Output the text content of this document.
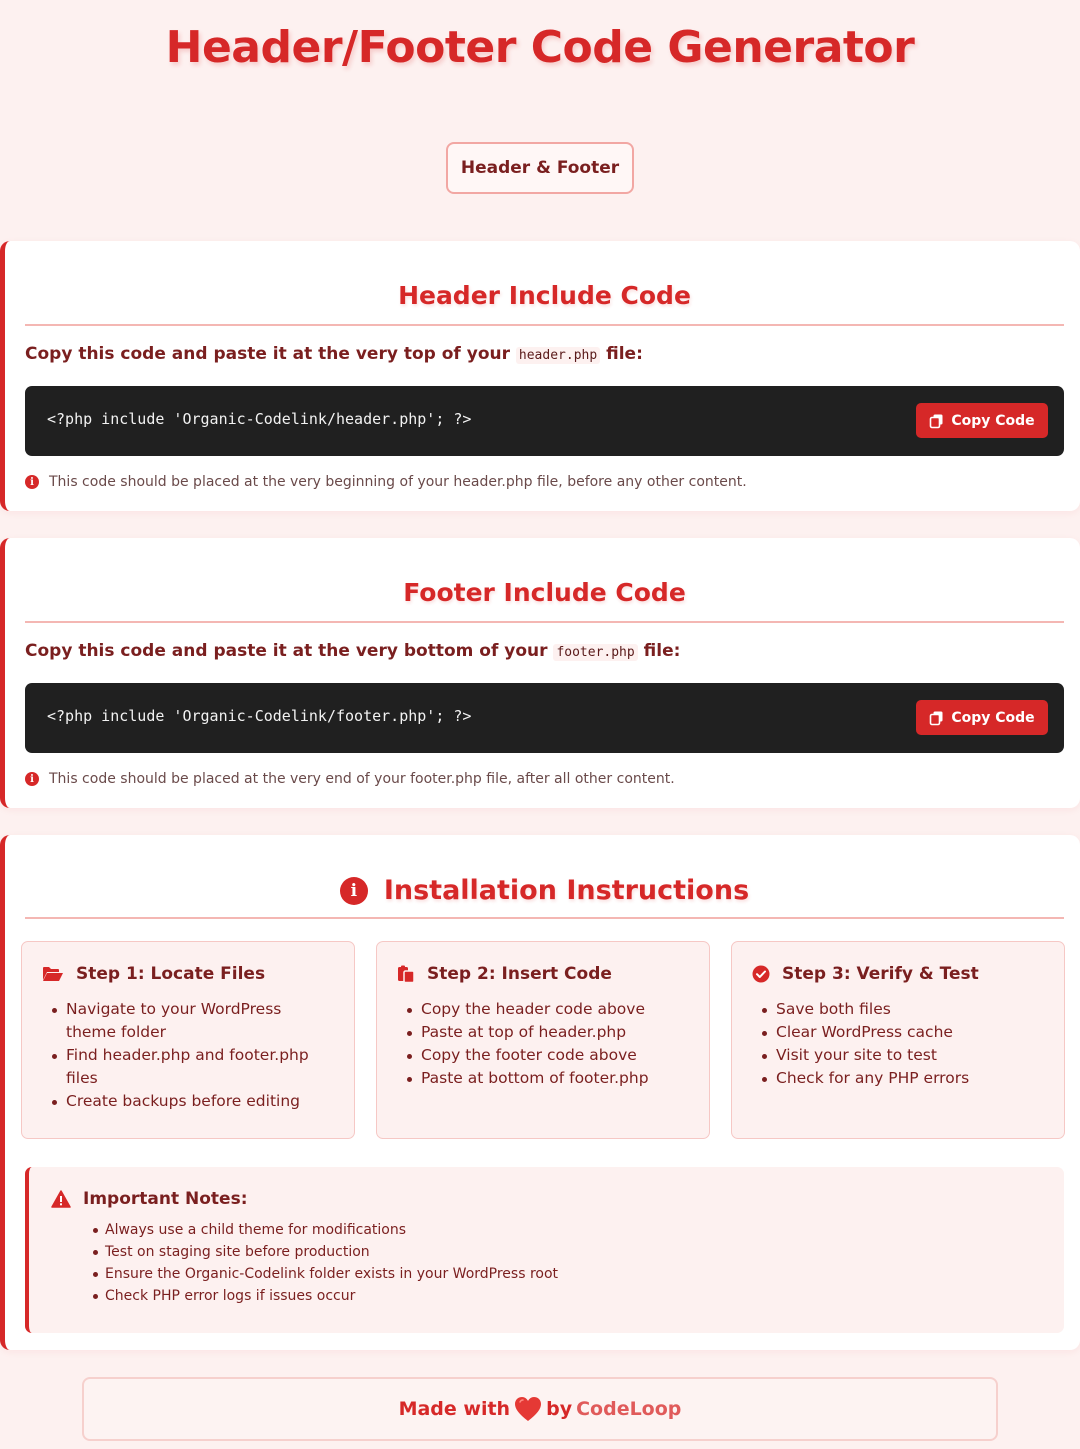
Header/Footer Code Generator
Header & Footer
Header Include Code

Copy this code and paste it at the very top of your header.php file:

<?php include 'Organic-Codelink/header.php'; ?>	Copy Code

i	This code should be placed at the very beginning of your header.php file, before any other content.

Footer Include Code

Copy this code and paste it at the very bottom of your footer.php file:

<?php include 'Organic-Codelink/footer.php'; ?>	Copy Code

i	This code should be placed at the very end of your footer.php file, after all other content.

i Installation Instructions
Step 1: Locate Files
Navigate to your WordPress theme folder
Find header.php and footer.php files
Create backups before editing
Step 2: Insert Code
Copy the header code above
Paste at top of header.php
Copy the footer code above
Paste at bottom of footer.php
Step 3: Verify & Test
Save both files
Clear WordPress cache
Visit your site to test
Check for any PHP errors
Important Notes:
Always use a child theme for modifications
Test on staging site before production
Ensure the Organic-Codelink folder exists in your WordPress root
Check PHP error logs if issues occur
Made with by CodeLoop
